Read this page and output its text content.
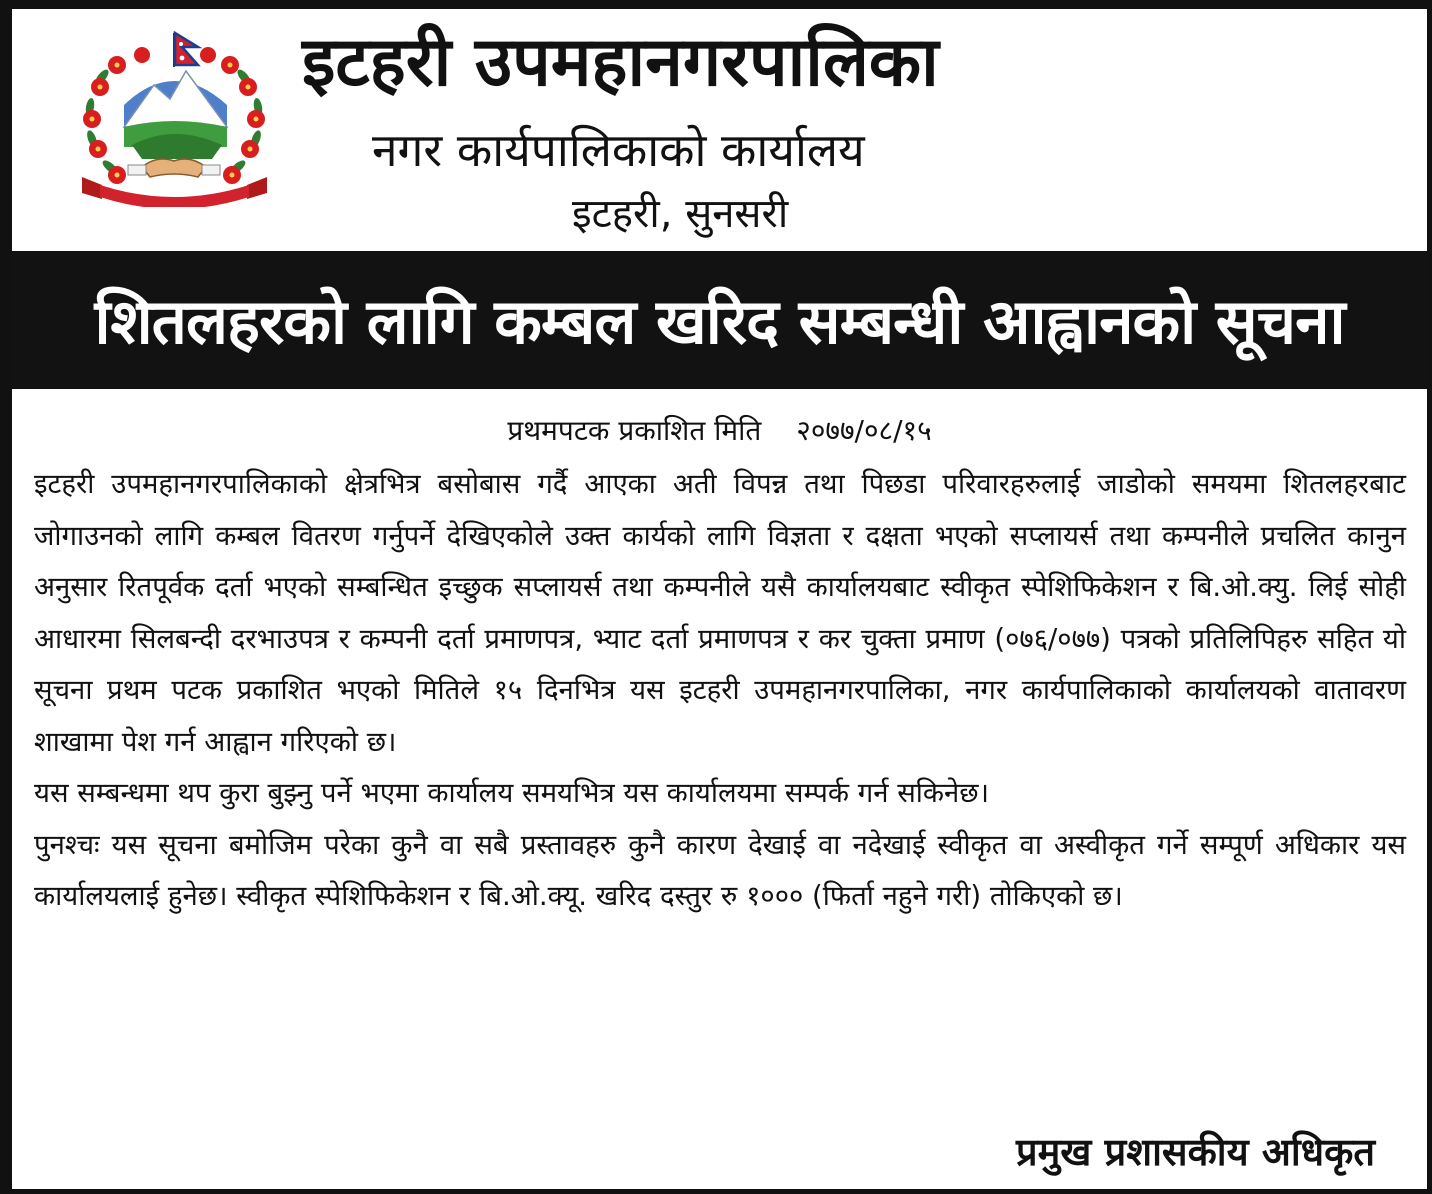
इटहरी उपमहानगरपालिका
नगर कार्यपालिकाको कार्यालय
इटहरी, सुनसरी
शितलहरको लागि कम्बल खरिद सम्बन्धी आह्वानको सूचना
प्रथमपटक प्रकाशित मिति २०७७/०८/१५

इटहरी उपमहानगरपालिकाको क्षेत्रभित्र बसोबास गर्दै आएका अती विपन्न तथा पिछडा परिवारहरुलाई जाडोको समयमा शितलहरबाट जोगाउनको लागि कम्बल वितरण गर्नुपर्ने देखिएकोले उक्त कार्यको लागि विज्ञता र दक्षता भएको सप्लायर्स तथा कम्पनीले प्रचलित कानुन अनुसार रितपूर्वक दर्ता भएको सम्बन्धित इच्छुक सप्लायर्स तथा कम्पनीले यसै कार्यालयबाट स्वीकृत स्पेशिफिकेशन र बि.ओ.क्यु. लिई सोही आधारमा सिलबन्दी दरभाउपत्र र कम्पनी दर्ता प्रमाणपत्र, भ्याट दर्ता प्रमाणपत्र र कर चुक्ता प्रमाण (०७६/०७७) पत्रको प्रतिलिपिहरु सहित यो सूचना प्रथम पटक प्रकाशित भएको मितिले १५ दिनभित्र यस इटहरी उपमहानगरपालिका, नगर कार्यपालिकाको कार्यालयको वातावरण शाखामा पेश गर्न आह्वान गरिएको छ।

यस सम्बन्धमा थप कुरा बुझ्नु पर्ने भएमा कार्यालय समयभित्र यस कार्यालयमा सम्पर्क गर्न सकिनेछ।

पुनश्चः यस सूचना बमोजिम परेका कुनै वा सबै प्रस्तावहरु कुनै कारण देखाई वा नदेखाई स्वीकृत वा अस्वीकृत गर्ने सम्पूर्ण अधिकार यस कार्यालयलाई हुनेछ। स्वीकृत स्पेशिफिकेशन र बि.ओ.क्यू. खरिद दस्तुर रु १००० (फिर्ता नहुने गरी) तोकिएको छ।

प्रमुख प्रशासकीय अधिकृत
